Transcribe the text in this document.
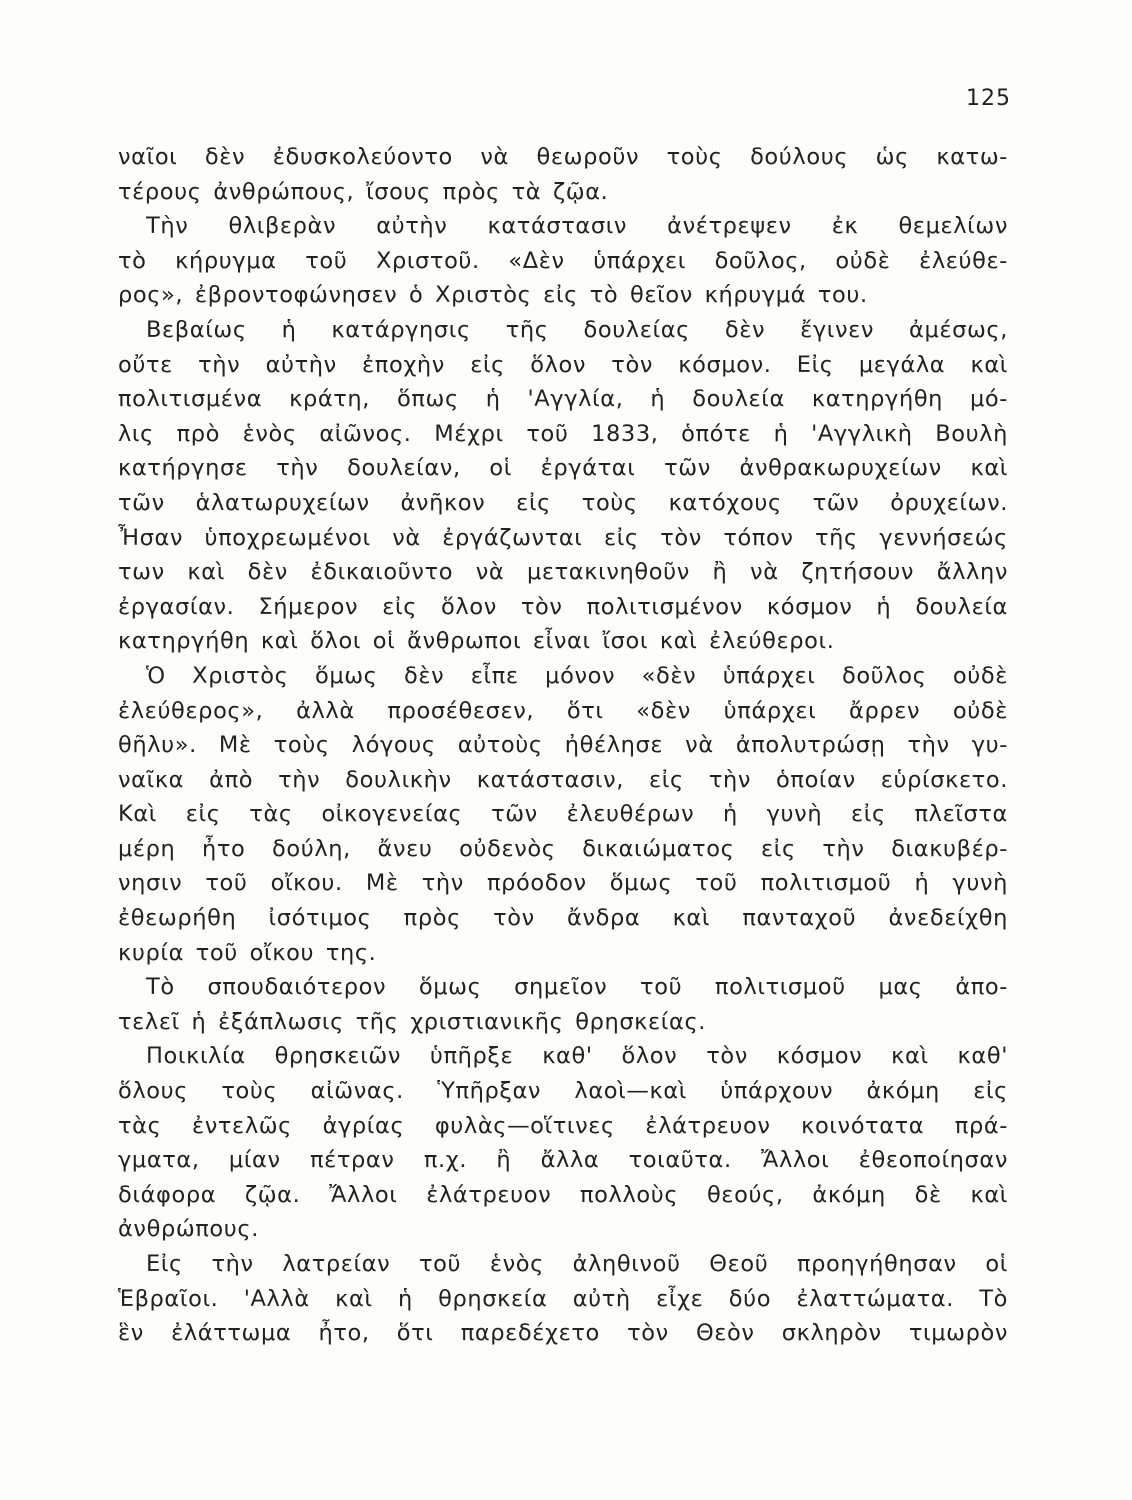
125
ναῖοι δὲν ἐδυσκολεύοντο νὰ θεωροῦν τοὺς δούλους ὡς κατω-
τέρους ἀνθρώπους, ἴσους πρὸς τὰ ζῷα.
Τὴν θλιβερὰν αὐτὴν κατάστασιν ἀνέτρεψεν ἐκ θεμελίων
τὸ κήρυγμα τοῦ Χριστοῦ. «Δὲν ὑπάρχει δοῦλος, οὐδὲ ἐλεύθε-
ρος», ἐβροντοφώνησεν ὁ Χριστὸς εἰς τὸ θεῖον κήρυγμά του.
Βεβαίως ἡ κατάργησις τῆς δουλείας δὲν ἔγινεν ἀμέσως,
οὔτε τὴν αὐτὴν ἐποχὴν εἰς ὅλον τὸν κόσμον. Εἰς μεγάλα καὶ
πολιτισμένα κράτη, ὅπως ἡ 'Αγγλία, ἡ δουλεία κατηργήθη μό-
λις πρὸ ἑνὸς αἰῶνος. Μέχρι τοῦ 1833, ὁπότε ἡ 'Αγγλικὴ Βουλὴ
κατήργησε τὴν δουλείαν, οἱ ἐργάται τῶν ἀνθρακωρυχείων καὶ
τῶν ἁλατωρυχείων ἀνῆκον εἰς τοὺς κατόχους τῶν ὀρυχείων.
Ἦσαν ὑποχρεωμένοι νὰ ἐργάζωνται εἰς τὸν τόπον τῆς γεννήσεώς
των καὶ δὲν ἐδικαιοῦντο νὰ μετακινηθοῦν ἢ νὰ ζητήσουν ἄλλην
ἐργασίαν. Σήμερον εἰς ὅλον τὸν πολιτισμένον κόσμον ἡ δουλεία
κατηργήθη καὶ ὅλοι οἱ ἄνθρωποι εἶναι ἴσοι καὶ ἐλεύθεροι.
Ὁ Χριστὸς ὅμως δὲν εἶπε μόνον «δὲν ὑπάρχει δοῦλος οὐδὲ
ἐλεύθερος», ἀλλὰ προσέθεσεν, ὅτι «δὲν ὑπάρχει ἄρρεν οὐδὲ
θῆλυ». Μὲ τοὺς λόγους αὐτοὺς ἠθέλησε νὰ ἀπολυτρώσῃ τὴν γυ-
ναῖκα ἀπὸ τὴν δουλικὴν κατάστασιν, εἰς τὴν ὁποίαν εὑρίσκετο.
Καὶ εἰς τὰς οἰκογενείας τῶν ἐλευθέρων ἡ γυνὴ εἰς πλεῖστα
μέρη ἦτο δούλη, ἄνευ οὐδενὸς δικαιώματος εἰς τὴν διακυβέρ-
νησιν τοῦ οἴκου. Μὲ τὴν πρόοδον ὅμως τοῦ πολιτισμοῦ ἡ γυνὴ
ἐθεωρήθη ἰσότιμος πρὸς τὸν ἄνδρα καὶ πανταχοῦ ἀνεδείχθη
κυρία τοῦ οἴκου της.
Τὸ σπουδαιότερον ὅμως σημεῖον τοῦ πολιτισμοῦ μας ἀπο-
τελεῖ ἡ ἐξάπλωσις τῆς χριστιανικῆς θρησκείας.
Ποικιλία θρησκειῶν ὑπῆρξε καθ' ὅλον τὸν κόσμον καὶ καθ'
ὅλους τοὺς αἰῶνας. Ὑπῆρξαν λαοὶ—καὶ ὑπάρχουν ἀκόμη εἰς
τὰς ἐντελῶς ἀγρίας φυλὰς—οἵτινες ἐλάτρευον κοινότατα πρά-
γματα, μίαν πέτραν π.χ. ἢ ἄλλα τοιαῦτα. Ἄλλοι ἐθεοποίησαν
διάφορα ζῷα. Ἄλλοι ἐλάτρευον πολλοὺς θεούς, ἀκόμη δὲ καὶ
ἀνθρώπους.
Εἰς τὴν λατρείαν τοῦ ἑνὸς ἀληθινοῦ Θεοῦ προηγήθησαν οἱ
Ἑβραῖοι. 'Αλλὰ καὶ ἡ θρησκεία αὐτὴ εἶχε δύο ἐλαττώματα. Τὸ
ἓν ἐλάττωμα ἦτο, ὅτι παρεδέχετο τὸν Θεὸν σκληρὸν τιμωρὸν
